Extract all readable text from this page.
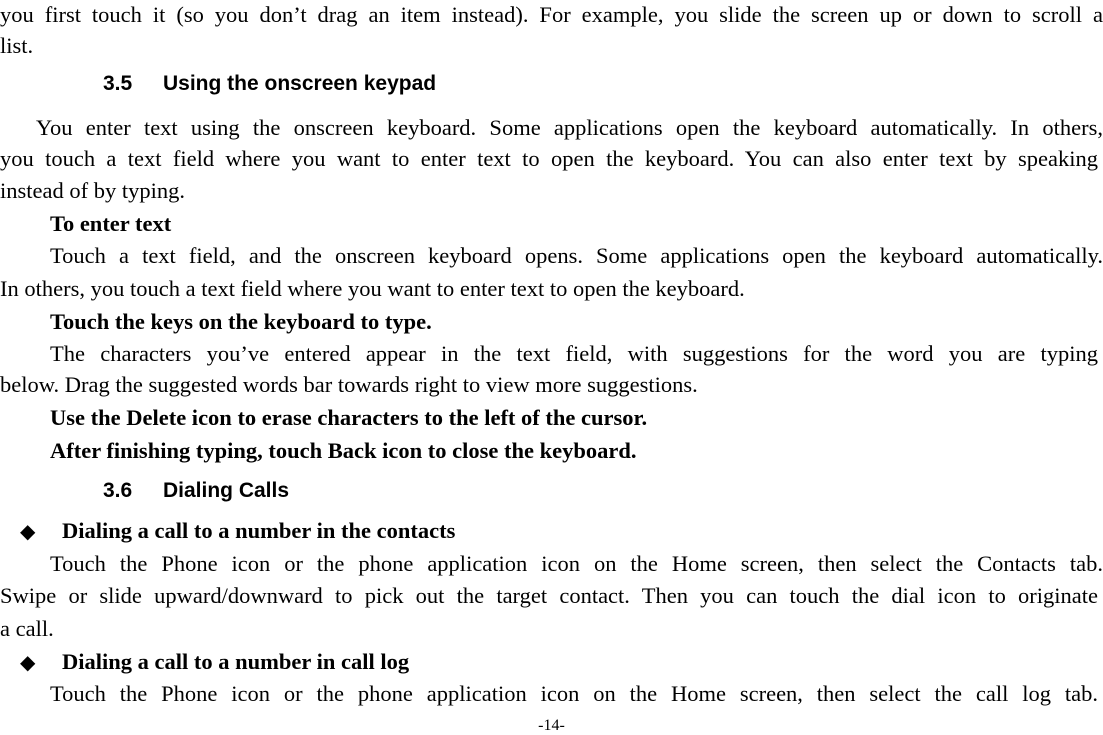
you first touch it (so you don’t drag an item instead). For example, you slide the screen up or down to scroll a

list.

3.5 Using the onscreen keypad

You enter text using the onscreen keyboard. Some applications open the keyboard automatically. In others,

you touch a text field where you want to enter text to open the keyboard. You can also enter text by speaking

instead of by typing.

To enter text

Touch a text field, and the onscreen keyboard opens. Some applications open the keyboard automatically.

In others, you touch a text field where you want to enter text to open the keyboard.

Touch the keys on the keyboard to type.

The characters you’ve entered appear in the text field, with suggestions for the word you are typing

below. Drag the suggested words bar towards right to view more suggestions.

Use the Delete icon to erase characters to the left of the cursor.

After finishing typing, touch Back icon to close the keyboard.

3.6 Dialing Calls

◆ Dialing a call to a number in the contacts

Touch the Phone icon or the phone application icon on the Home screen, then select the Contacts tab.

Swipe or slide upward/downward to pick out the target contact. Then you can touch the dial icon to originate

a call.

◆ Dialing a call to a number in call log

Touch the Phone icon or the phone application icon on the Home screen, then select the call log tab.

-14-
